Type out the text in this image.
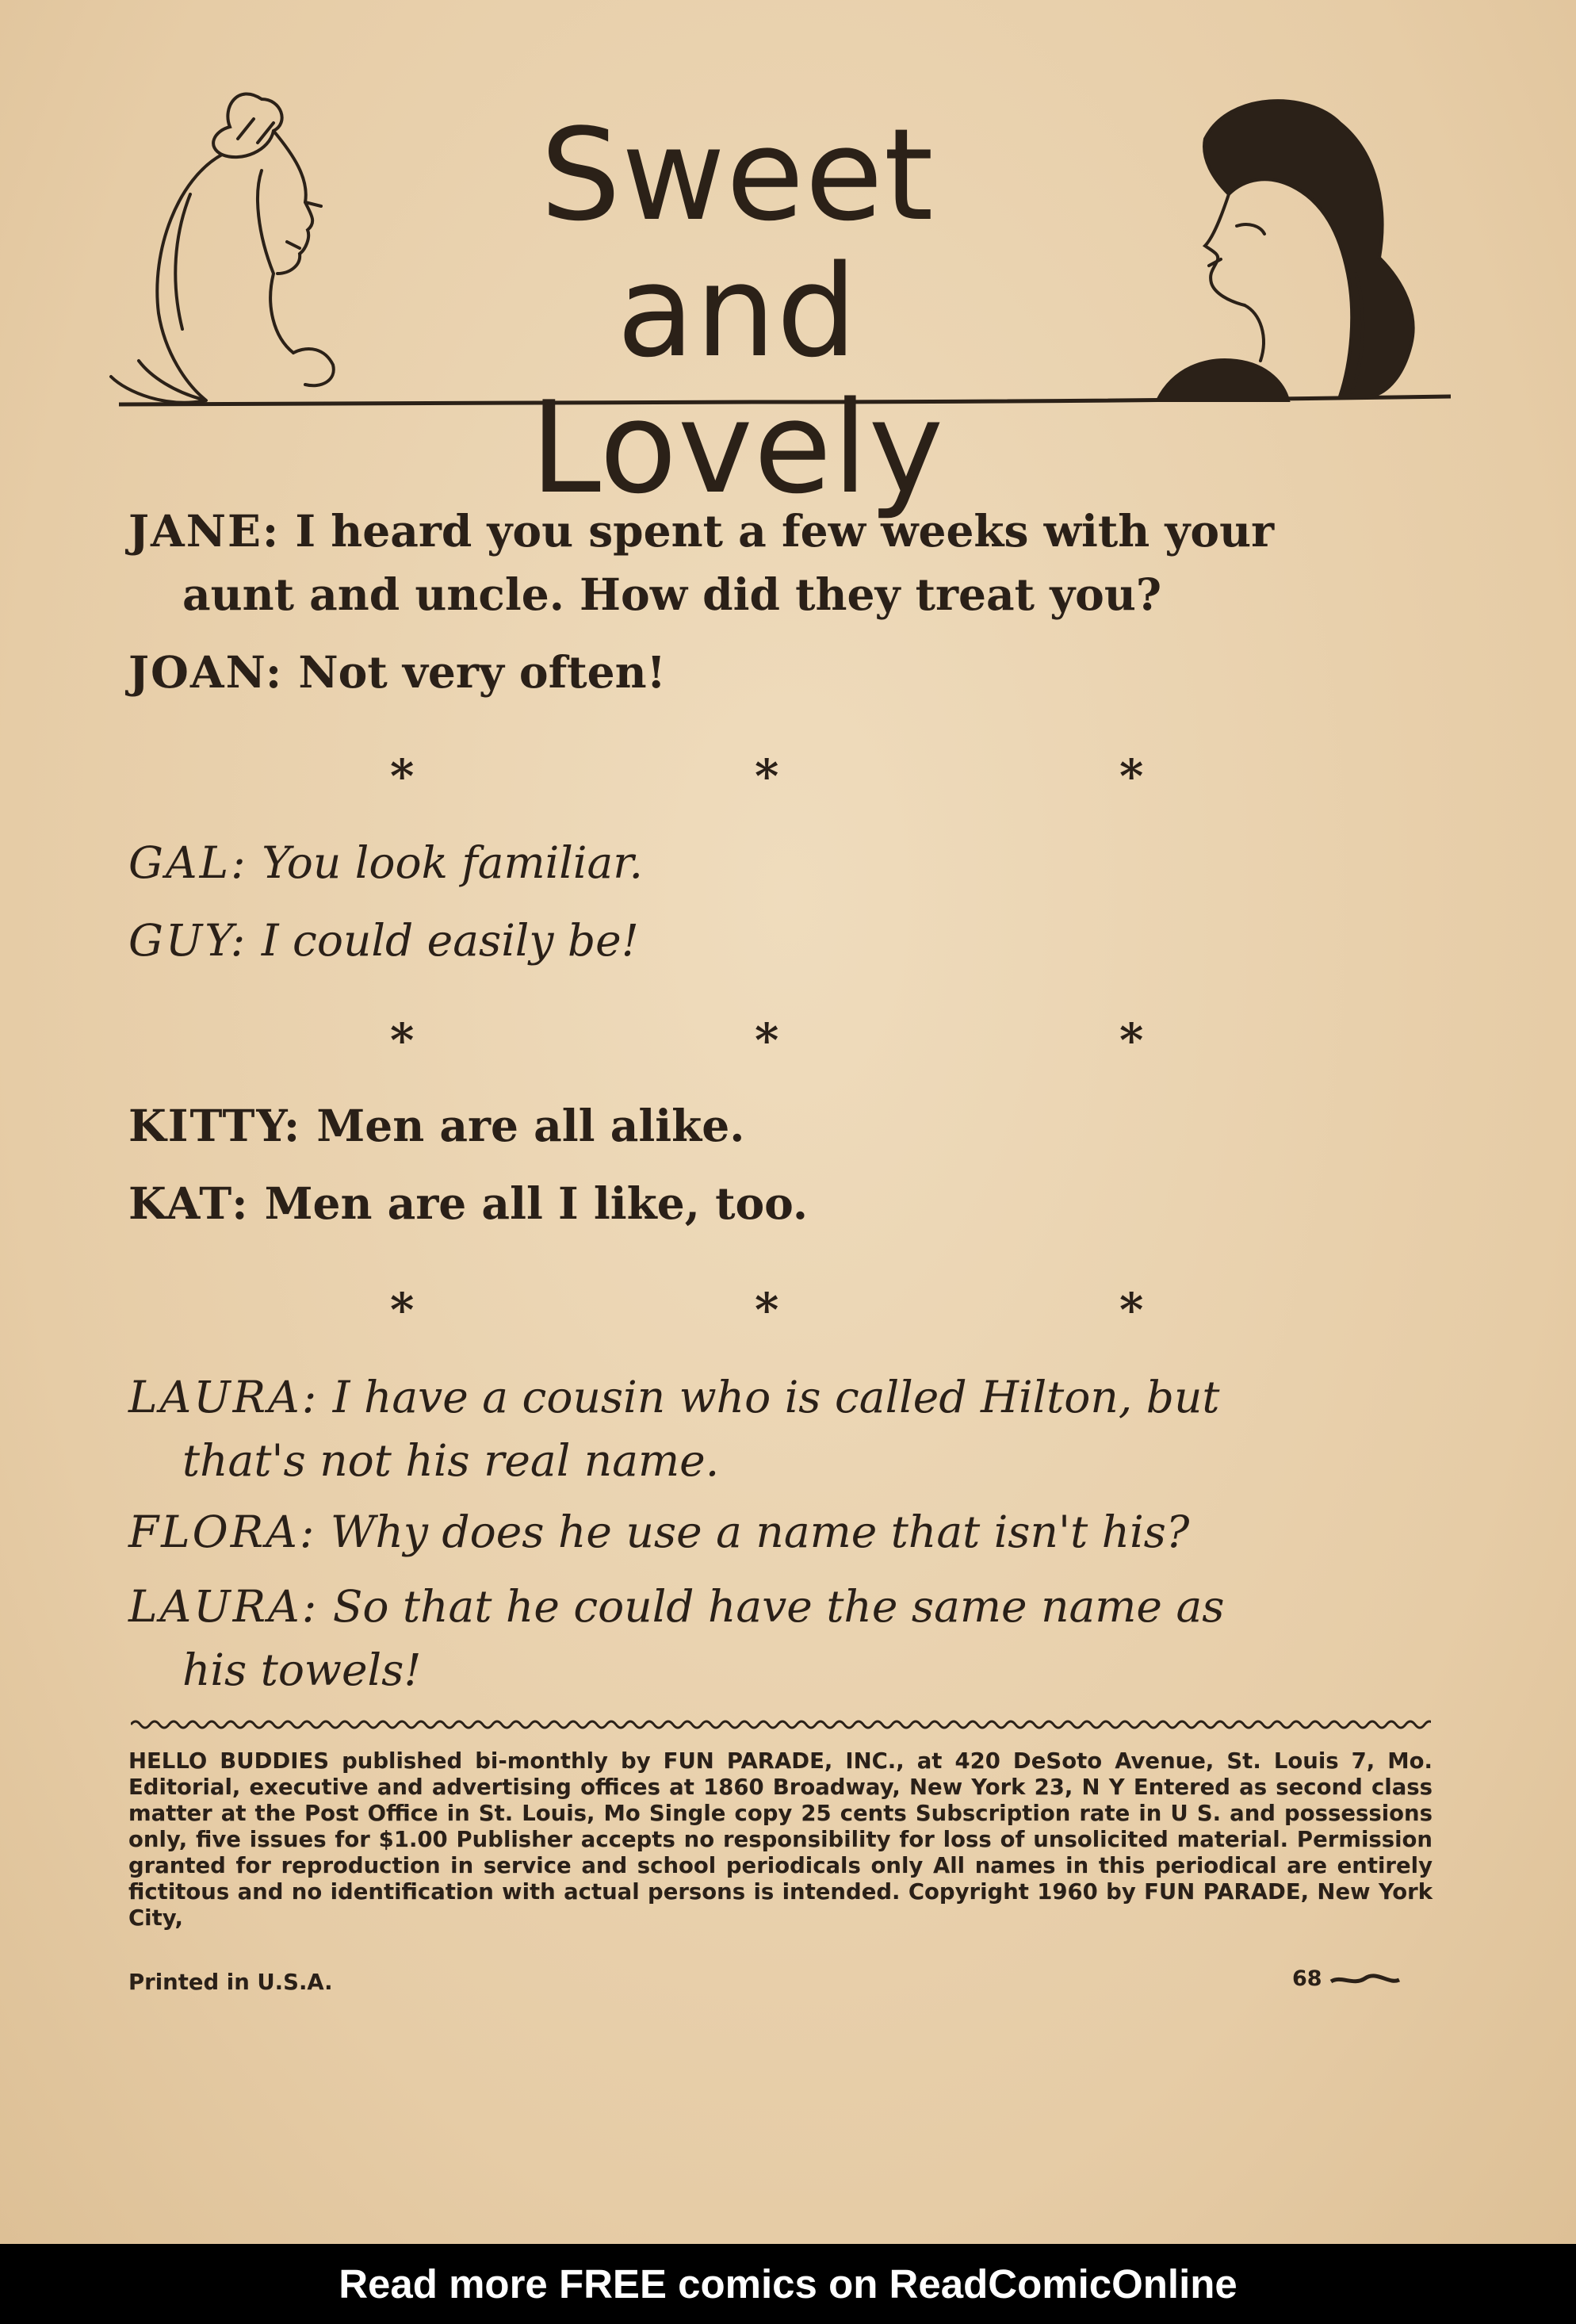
Sweet and
Lovely
JANE: I heard you spent a few weeks with your
aunt and uncle. How did they treat you?
JOAN: Not very often!
*	*	*
GAL: You look familiar.
GUY: I could easily be!
*	*	*
KITTY: Men are all alike.
KAT: Men are all I like, too.
*	*	*
LAURA: I have a cousin who is called Hilton, but
that's not his real name.
FLORA: Why does he use a name that isn't his?
LAURA: So that he could have the same name as
his towels!
HELLO BUDDIES published bi-monthly by FUN PARADE, INC., at 420 DeSoto Avenue, St. Louis 7, Mo. Editorial, executive and advertising offices at 1860 Broadway, New York 23, N Y Entered as second class matter at the Post Office in St. Louis, Mo Single copy 25 cents Subscription rate in U S. and possessions only, five issues for $1.00 Publisher accepts no responsibility for loss of unsolicited material. Permission granted for reproduction in service and school periodicals only All names in this periodical are entirely fictitous and no identification with actual persons is intended. Copyright 1960 by FUN PARADE, New York City,
Printed in U.S.A.	68
Read more FREE comics on ReadComicOnline
